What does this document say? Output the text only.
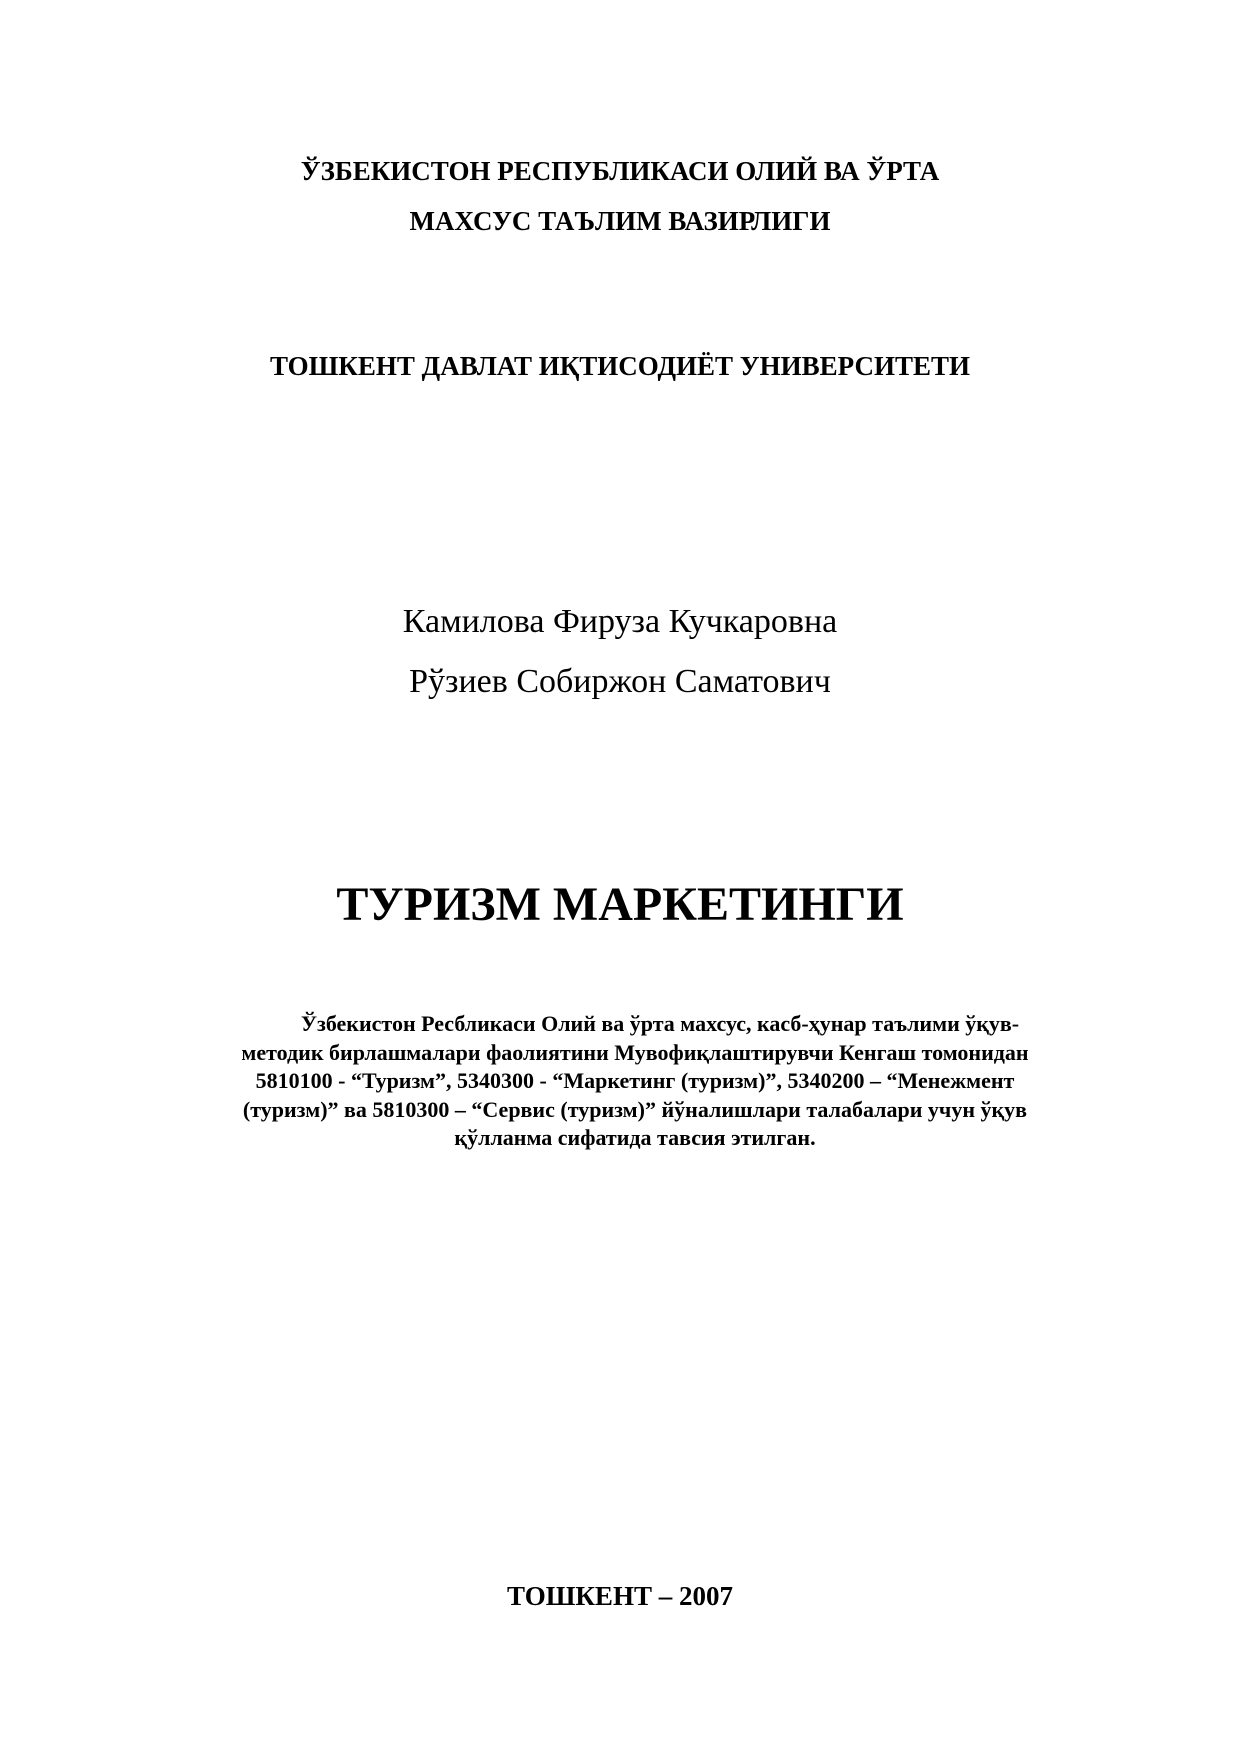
ЎЗБЕКИСТОН РЕСПУБЛИКАСИ ОЛИЙ ВА ЎРТА
МАХСУС ТАЪЛИМ ВАЗИРЛИГИ
ТОШКЕНТ ДАВЛАТ ИҚТИСОДИЁТ УНИВЕРСИТЕТИ
Камилова Фируза Кучкаровна
Рўзиев Собиржон Саматович
ТУРИЗМ МАРКЕТИНГИ
Ўзбекистон Ресбликаси Олий ва ўрта махсус, касб-ҳунар таълими ўқув-
методик бирлашмалари фаолиятини Мувофиқлаштирувчи Кенгаш томонидан
5810100 - “Туризм”, 5340300 - “Маркетинг (туризм)”, 5340200 – “Менежмент
(туризм)” ва 5810300 – “Сервис (туризм)” йўналишлари талабалари учун ўқув
қўлланма сифатида тавсия этилган.
ТОШКЕНТ – 2007
